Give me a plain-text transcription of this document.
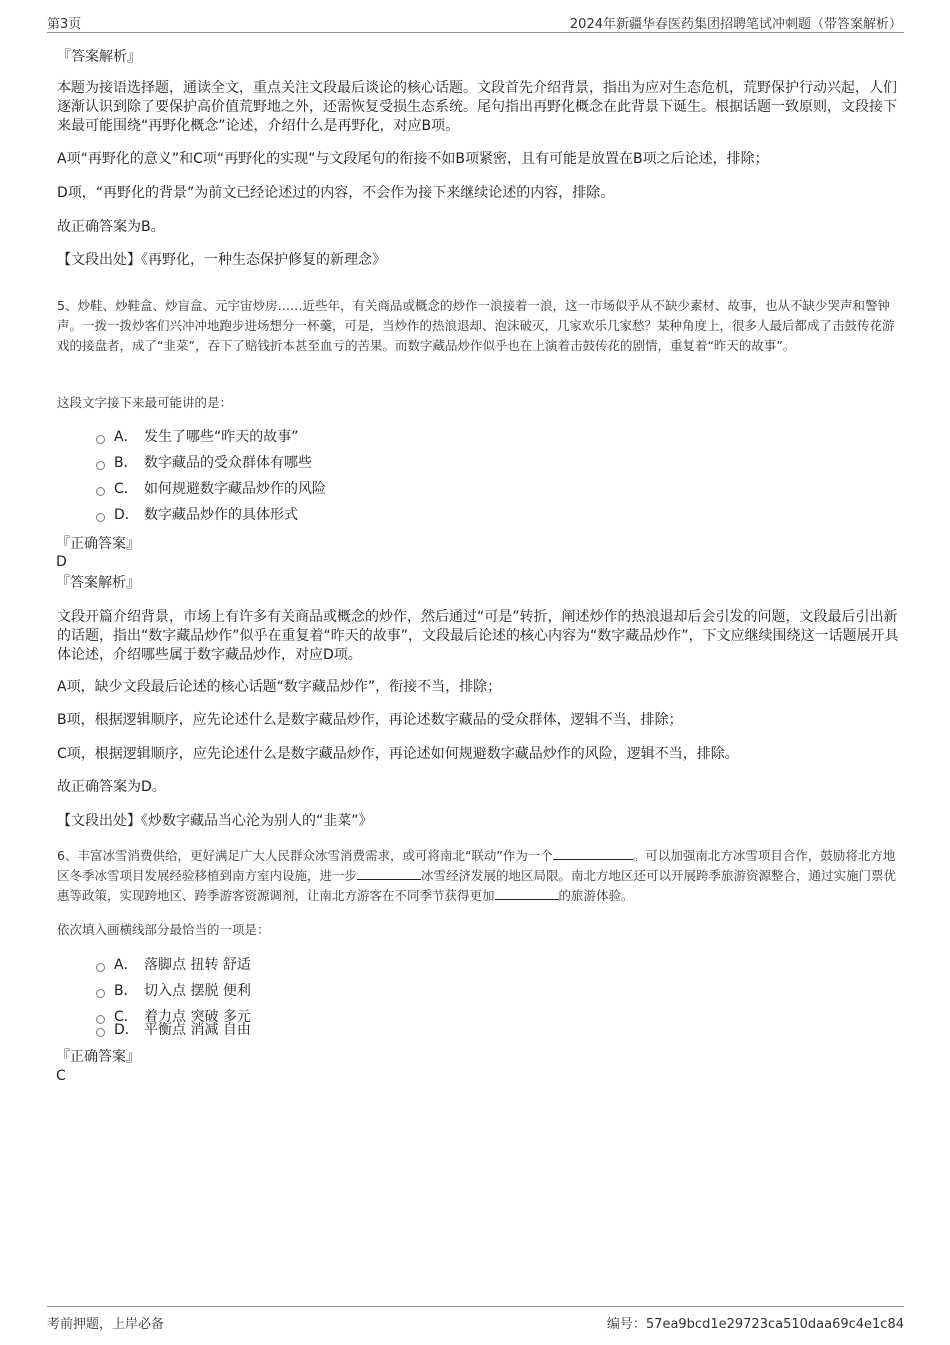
第3页	2024年新疆华春医药集团招聘笔试冲刺题（带答案解析）
『答案解析』
本题为接语选择题，通读全文，重点关注文段最后谈论的核心话题。文段首先介绍背景，指出为应对生态危机，荒野保护行动兴起，人们逐渐认识到除了要保护高价值荒野地之外，还需恢复受损生态系统。尾句指出再野化概念在此背景下诞生。根据话题一致原则，文段接下来最可能围绕“再野化概念”论述，介绍什么是再野化，对应B项。
A项“再野化的意义”和C项“再野化的实现”与文段尾句的衔接不如B项紧密，且有可能是放置在B项之后论述，排除；
D项，“再野化的背景”为前文已经论述过的内容，不会作为接下来继续论述的内容，排除。
故正确答案为B。
【文段出处】《再野化，一种生态保护修复的新理念》
5、炒鞋、炒鞋盒、炒盲盒、元宇宙炒房……近些年，有关商品或概念的炒作一浪接着一浪，这一市场似乎从不缺少素材、故事，也从不缺少哭声和警钟声。一拨一拨炒客们兴冲冲地跑步进场想分一杯羹，可是，当炒作的热浪退却、泡沫破灭，几家欢乐几家愁？某种角度上，很多人最后都成了击鼓传花游戏的接盘者，成了“韭菜”，吞下了赔钱折本甚至血亏的苦果。而数字藏品炒作似乎也在上演着击鼓传花的剧情，重复着“昨天的故事”。
这段文字接下来最可能讲的是：
A． 发生了哪些“昨天的故事”
B． 数字藏品的受众群体有哪些
C． 如何规避数字藏品炒作的风险
D． 数字藏品炒作的具体形式
『正确答案』
D
『答案解析』
文段开篇介绍背景，市场上有许多有关商品或概念的炒作，然后通过“可是”转折，阐述炒作的热浪退却后会引发的问题，文段最后引出新的话题，指出“数字藏品炒作”似乎在重复着“昨天的故事”，文段最后论述的核心内容为“数字藏品炒作”，下文应继续围绕这一话题展开具体论述，介绍哪些属于数字藏品炒作，对应D项。
A项，缺少文段最后论述的核心话题“数字藏品炒作”，衔接不当，排除；
B项，根据逻辑顺序，应先论述什么是数字藏品炒作，再论述数字藏品的受众群体，逻辑不当，排除；
C项，根据逻辑顺序，应先论述什么是数字藏品炒作，再论述如何规避数字藏品炒作的风险，逻辑不当，排除。
故正确答案为D。
【文段出处】《炒数字藏品当心沦为别人的“韭菜”》
6、丰富冰雪消费供给，更好满足广大人民群众冰雪消费需求，或可将南北“联动”作为一个	。可以加强南北方冰雪项目合作，鼓励将北方地区冬季冰雪项目发展经验移植到南方室内设施，进一步	冰雪经济发展的地区局限。南北方地区还可以开展跨季旅游资源整合，通过实施门票优惠等政策，实现跨地区、跨季游客资源调剂，让南北方游客在不同季节获得更加	的旅游体验。
依次填入画横线部分最恰当的一项是：
A． 落脚点 扭转 舒适
B． 切入点 摆脱 便利
C． 着力点 突破 多元
D． 平衡点 消减 自由
『正确答案』
C
考前押题，上岸必备	编号：57ea9bcd1e29723ca510daa69c4e1c84
